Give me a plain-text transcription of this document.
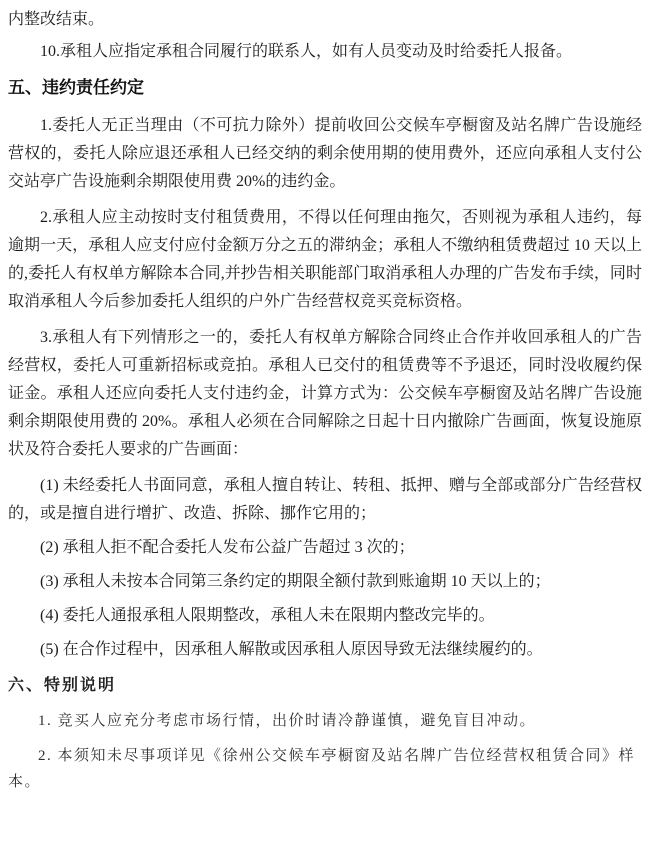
内整改结束。

10.承租人应指定承租合同履行的联系人，如有人员变动及时给委托人报备。

五、违约责任约定

1.委托人无正当理由（不可抗力除外）提前收回公交候车亭橱窗及站名牌广告设施经营权的，委托人除应退还承租人已经交纳的剩余使用期的使用费外，还应向承租人支付公交站亭广告设施剩余期限使用费 20%的违约金。

2.承租人应主动按时支付租赁费用，不得以任何理由拖欠，否则视为承租人违约，每逾期一天，承租人应支付应付金额万分之五的滞纳金；承租人不缴纳租赁费超过 10 天以上的,委托人有权单方解除本合同,并抄告相关职能部门取消承租人办理的广告发布手续，同时取消承租人今后参加委托人组织的户外广告经营权竞买竞标资格。

3.承租人有下列情形之一的，委托人有权单方解除合同终止合作并收回承租人的广告经营权，委托人可重新招标或竞拍。承租人已交付的租赁费等不予退还，同时没收履约保证金。承租人还应向委托人支付违约金，计算方式为：公交候车亭橱窗及站名牌广告设施剩余期限使用费的 20%。承租人必须在合同解除之日起十日内撤除广告画面，恢复设施原状及符合委托人要求的广告画面：

(1) 未经委托人书面同意，承租人擅自转让、转租、抵押、赠与全部或部分广告经营权的，或是擅自进行增扩、改造、拆除、挪作它用的；

(2) 承租人拒不配合委托人发布公益广告超过 3 次的；

(3) 承租人未按本合同第三条约定的期限全额付款到账逾期 10 天以上的；

(4) 委托人通报承租人限期整改，承租人未在限期内整改完毕的。

(5) 在合作过程中，因承租人解散或因承租人原因导致无法继续履约的。

六、特别说明

1. 竞买人应充分考虑市场行情，出价时请冷静谨慎，避免盲目冲动。

2. 本须知未尽事项详见《徐州公交候车亭橱窗及站名牌广告位经营权租赁合同》样本。
